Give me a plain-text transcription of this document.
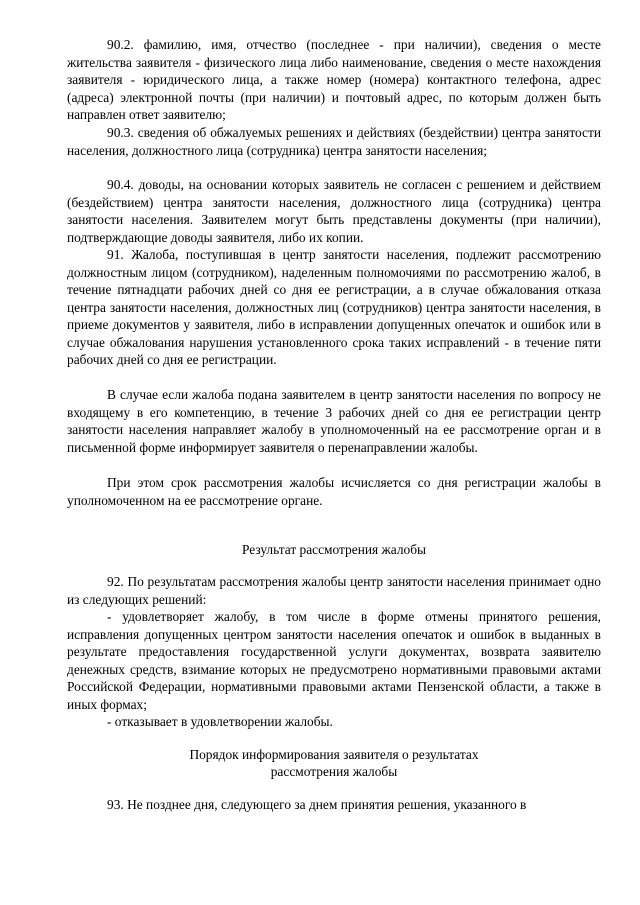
90.2. фамилию, имя, отчество (последнее - при наличии), сведения о месте жительства заявителя - физического лица либо наименование, сведения о месте нахождения заявителя - юридического лица, а также номер (номера) контактного телефона, адрес (адреса) электронной почты (при наличии) и почтовый адрес, по которым должен быть направлен ответ заявителю;

90.3. сведения об обжалуемых решениях и действиях (бездействии) центра занятости населения, должностного лица (сотрудника) центра занятости населения;

90.4. доводы, на основании которых заявитель не согласен с решением и действием (бездействием) центра занятости населения, должностного лица (сотрудника) центра занятости населения. Заявителем могут быть представлены документы (при наличии), подтверждающие доводы заявителя, либо их копии.

91. Жалоба, поступившая в центр занятости населения, подлежит рассмотрению должностным лицом (сотрудником), наделенным полномочиями по рассмотрению жалоб, в течение пятнадцати рабочих дней со дня ее регистрации, а в случае обжалования отказа центра занятости населения, должностных лиц (сотрудников) центра занятости населения, в приеме документов у заявителя, либо в исправлении допущенных опечаток и ошибок или в случае обжалования нарушения установленного срока таких исправлений - в течение пяти рабочих дней со дня ее регистрации.

В случае если жалоба подана заявителем в центр занятости населения по вопросу не входящему в его компетенцию, в течение 3 рабочих дней со дня ее регистрации центр занятости населения направляет жалобу в уполномоченный на ее рассмотрение орган и в письменной форме информирует заявителя о перенаправлении жалобы.

При этом срок рассмотрения жалобы исчисляется со дня регистрации жалобы в уполномоченном на ее рассмотрение органе.

Результат рассмотрения жалобы

92. По результатам рассмотрения жалобы центр занятости населения принимает одно из следующих решений:

- удовлетворяет жалобу, в том числе в форме отмены принятого решения, исправления допущенных центром занятости населения опечаток и ошибок в выданных в результате предоставления государственной услуги документах, возврата заявителю денежных средств, взимание которых не предусмотрено нормативными правовыми актами Российской Федерации, нормативными правовыми актами Пензенской области, а также в иных формах;

- отказывает в удовлетворении жалобы.

Порядок информирования заявителя о результатах

рассмотрения жалобы

93. Не позднее дня, следующего за днем принятия решения, указанного в
